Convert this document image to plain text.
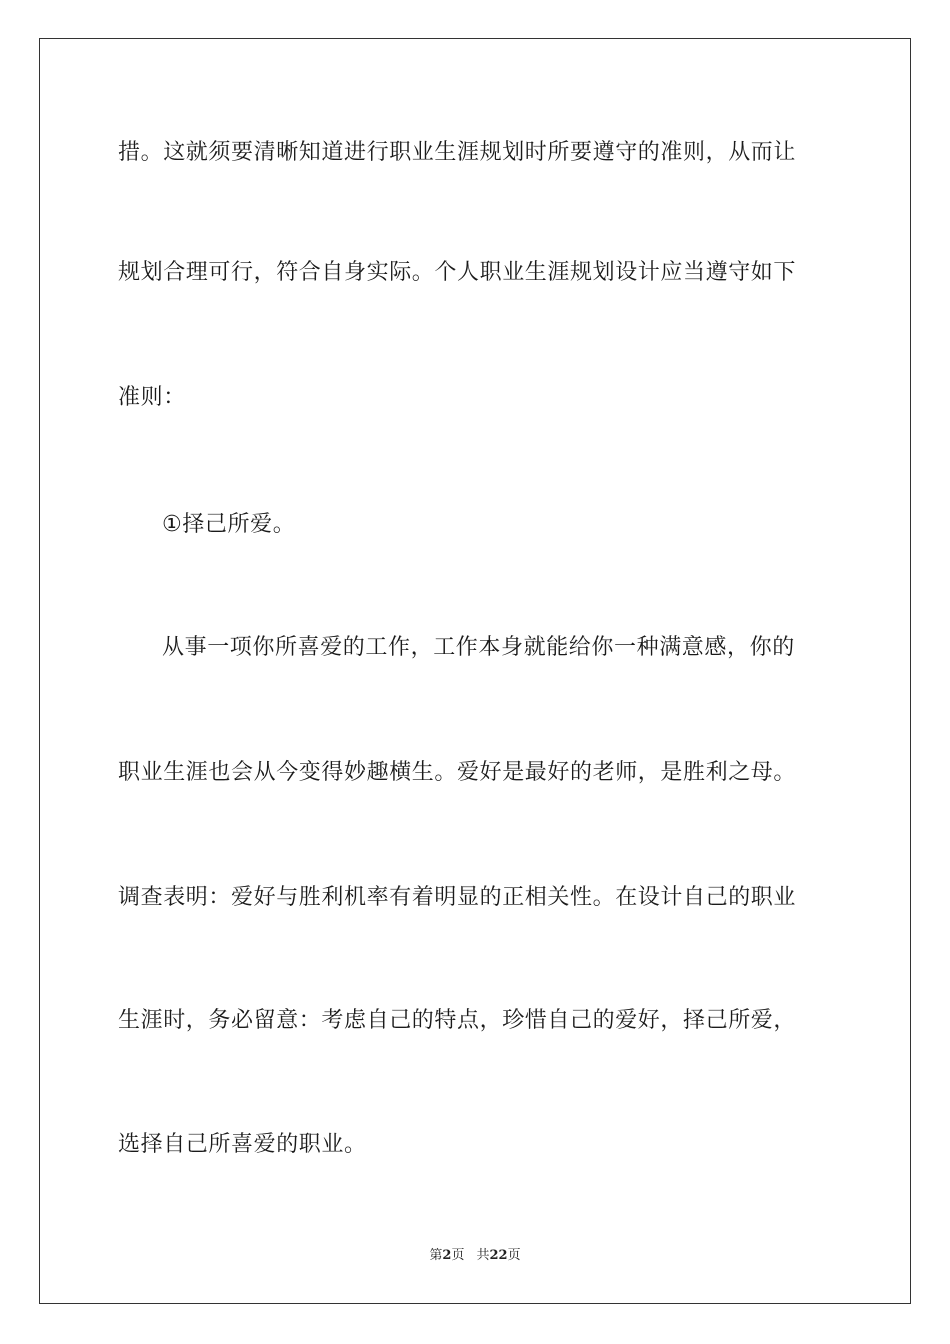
措。这就须要清晰知道进行职业生涯规划时所要遵守的准则，从而让
规划合理可行，符合自身实际。个人职业生涯规划设计应当遵守如下
准则：
①择己所爱。
从事一项你所喜爱的工作，工作本身就能给你一种满意感，你的
职业生涯也会从今变得妙趣横生。爱好是最好的老师，是胜利之母。
调查表明：爱好与胜利机率有着明显的正相关性。在设计自己的职业
生涯时，务必留意：考虑自己的特点，珍惜自己的爱好，择己所爱，
选择自己所喜爱的职业。
第2页 共22页
